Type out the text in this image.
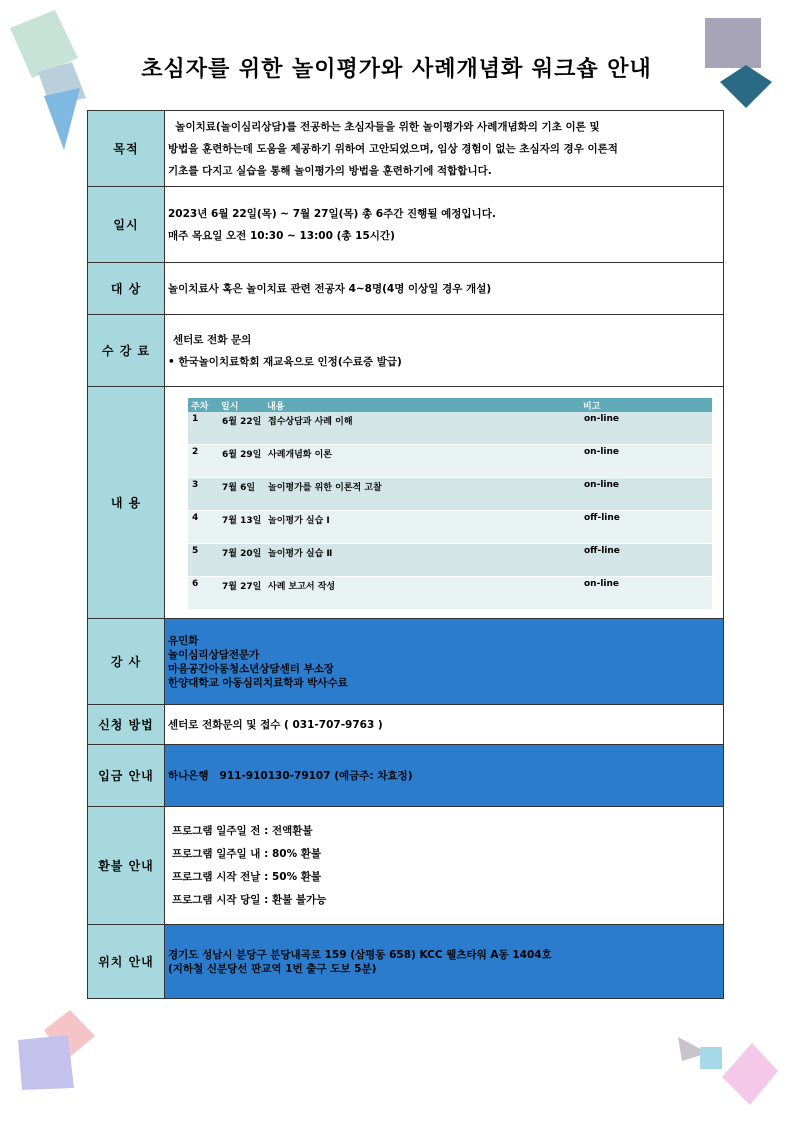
초심자를 위한 놀이평가와 사례개념화 워크숍 안내
목적	
놀이치료(놀이심리상담)를 전공하는 초심자들을 위한 놀이평가와 사례개념화의 기초 이론 및
방법을 훈련하는데 도움을 제공하기 위하여 고안되었으며, 임상 경험이 없는 초심자의 경우 이론적
기초를 다지고 실습을 통해 놀이평가의 방법을 훈련하기에 적합합니다.

일시	
2023년 6월 22일(목) ~ 7월 27일(목) 총 6주간 진행될 예정입니다.
매주 목요일 오전 10:30 ~ 13:00 (총 15시간)

대 상	놀이치료사 혹은 놀이치료 관련 전공자 4~8명(4명 이상일 경우 개설)
수 강 료	
센터로 전화 문의
• 한국놀이치료학회 재교육으로 인정(수료증 발급)

내 용	
주차	일시	내용	비고
1	6월 22일	접수상담과 사례 이해	on-line
2	6월 29일	사례개념화 이론	on-line
3	7월 6일	놀이평가를 위한 이론적 고찰	on-line
4	7월 13일	놀이평가 실습 Ⅰ	off-line
5	7월 20일	놀이평가 실습 Ⅱ	off-line
6	7월 27일	사례 보고서 작성	on-line

강 사	
유민화
놀이심리상담전문가
마음공간아동청소년상담센터 부소장
한양대학교 아동심리치료학과 박사수료

신청 방법	센터로 전화문의 및 접수 ( 031-707-9763 )
입금 안내	하나은행   911-910130-79107 (예금주: 차효정)
환불 안내	
프로그램 일주일 전 : 전액환불
프로그램 일주일 내 : 80% 환불
프로그램 시작 전날 : 50% 환불
프로그램 시작 당일 : 환불 불가능

위치 안내	
경기도 성남시 분당구 분당내곡로 159 (삼평동 658) KCC 웰츠타워 A동 1404호
(지하철 신분당선 판교역 1번 출구 도보 5분)
